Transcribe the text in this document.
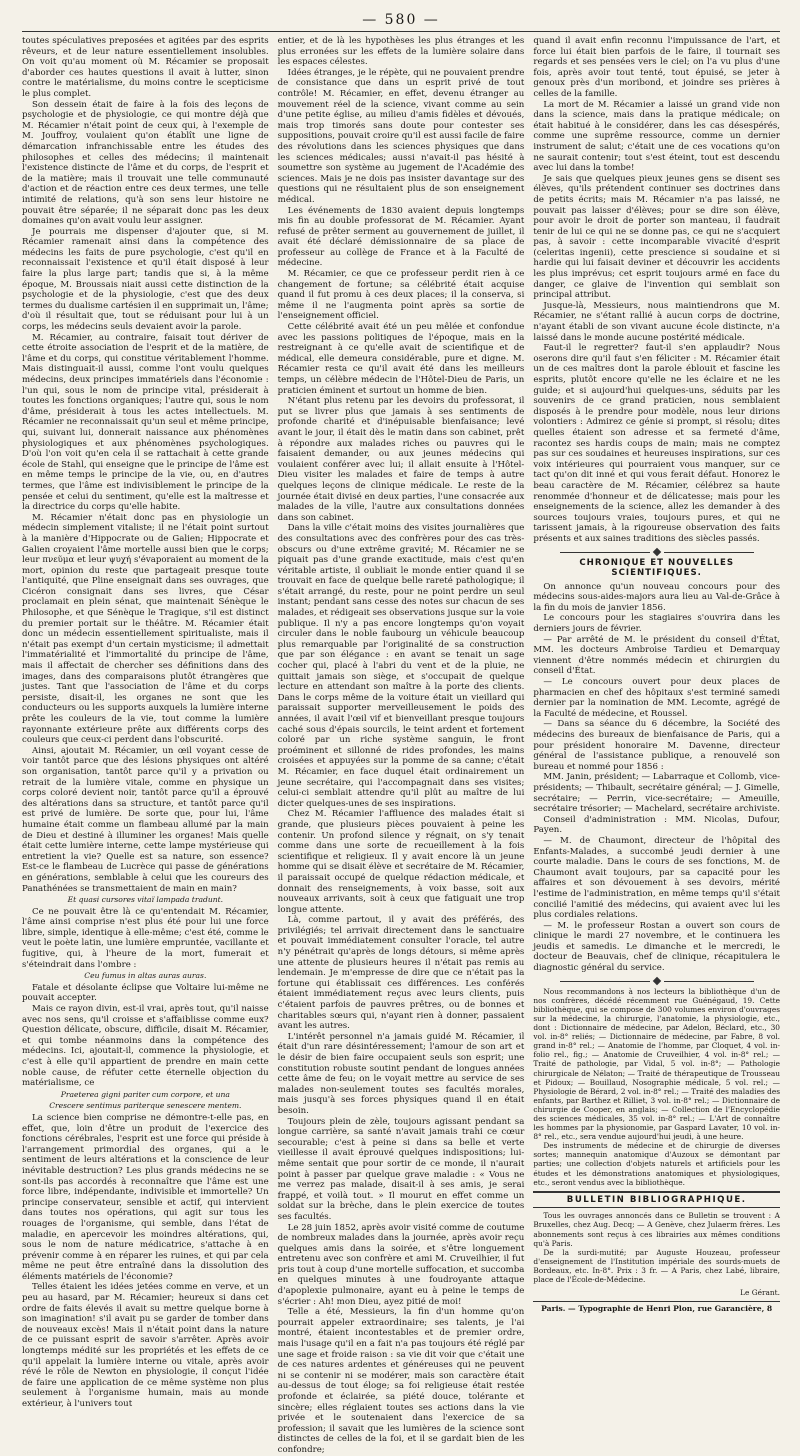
— 580 —

toutes spéculatives preposées et agitées par des esprits rêveurs, et de leur nature essentiellement insolubles. On voit qu'au moment où M. Récamier se proposait d'aborder ces hautes questions il avait à lutter, sinon contre le matérialisme, du moins contre le scepticisme le plus complet.

Son dessein était de faire à la fois des leçons de psychologie et de physiologie, ce qui montre déjà que M. Récamier n'était point de ceux qui, à l'exemple de M. Jouffroy, voulaient qu'on établît une ligne de démarcation infranchissable entre les études des philosophes et celles des médecins; il maintenait l'existence distincte de l'âme et du corps, de l'esprit et de la matière; mais il trouvait une telle communauté d'action et de réaction entre ces deux termes, une telle intimité de relations, qu'à son sens leur histoire ne pouvait être séparée; il ne séparait donc pas les deux domaines qu'on avait voulu leur assigner.

Je pourrais me dispenser d'ajouter que, si M. Récamier ramenait ainsi dans la compétence des médecins les faits de pure psychologie, c'est qu'il en reconnaissait l'existence et qu'il était disposé à leur faire la plus large part; tandis que si, à la même époque, M. Broussais niait aussi cette distinction de la psychologie et de la physiologie, c'est que des deux termes du dualisme cartésien il en supprimait un, l'âme; d'où il résultait que, tout se réduisant pour lui à un corps, les médecins seuls devaient avoir la parole.

M. Récamier, au contraire, faisait tout dériver de cette étroite association de l'esprit et de la matière, de l'âme et du corps, qui constitue véritablement l'homme. Mais distinguait-il aussi, comme l'ont voulu quelques médecins, deux principes immatériels dans l'économie : l'un qui, sous le nom de principe vital, présiderait à toutes les fonctions organiques; l'autre qui, sous le nom d'âme, présiderait à tous les actes intellectuels. M. Récamier ne reconnaissait qu'un seul et même principe, qui, suivant lui, donnerait naissance aux phénomènes physiologiques et aux phénomènes psychologiques. D'où l'on voit qu'en cela il se rattachait à cette grande école de Stahl, qui enseigne que le principe de l'âme est en même temps le principe de la vie, ou, en d'autres termes, que l'âme est indivisiblement le principe de la pensée et celui du sentiment, qu'elle est la maîtresse et la directrice du corps qu'elle habite.

M. Récamier n'était donc pas en physiologie un médecin simplement vitaliste; il ne l'était point surtout à la manière d'Hippocrate ou de Galien; Hippocrate et Galien croyaient l'âme mortelle aussi bien que le corps; leur πνεῦμα et leur ψυχή s'évaporaient au moment de la mort, opinion du reste que partageait presque toute l'antiquité, que Pline enseignait dans ses ouvrages, que Cicéron consignait dans ses livres, que César proclamait en plein sénat, que maintenait Sénèque le Philosophe, et que Sénèque le Tragique, s'il est distinct du premier portait sur le théâtre. M. Récamier était donc un médecin essentiellement spiritualiste, mais il n'était pas exempt d'un certain mysticisme; il admettait l'immatérialité et l'immortalité du principe de l'âme, mais il affectait de chercher ses définitions dans des images, dans des comparaisons plutôt étrangères que justes. Tant que l'association de l'âme et du corps persiste, disait-il, les organes ne sont que les conducteurs ou les supports auxquels la lumière interne prête les couleurs de la vie, tout comme la lumière rayonnante extérieure prête aux différents corps des couleurs que ceux-ci perdent dans l'obscurité.

Ainsi, ajoutait M. Récamier, un œil voyant cesse de voir tantôt parce que des lésions physiques ont altéré son organisation, tantôt parce qu'il y a privation ou retrait de la lumière vitale, comme en physique un corps coloré devient noir, tantôt parce qu'il a éprouvé des altérations dans sa structure, et tantôt parce qu'il est privé de lumière. De sorte que, pour lui, l'âme humaine était comme un flambeau allumé par la main de Dieu et destiné à illuminer les organes! Mais quelle était cette lumière interne, cette lampe mystérieuse qui entretient la vie? Quelle est sa nature, son essence? Est-ce le flambeau de Lucrèce qui passe de générations en générations, semblable à celui que les coureurs des Panathénées se transmettaient de main en main?

Et quasi cursores vitaï lampada tradunt.

Ce ne pouvait être là ce qu'entendait M. Récamier, l'âme ainsi comprise n'est plus été pour lui une force libre, simple, identique à elle-même; c'est été, comme le veut le poète latin, une lumière empruntée, vacillante et fugitive, qui, à l'heure de la mort, fumerait et s'éteindrait dans l'ombre :

Ceu fumus in altas auras auras.

Fatale et désolante éclipse que Voltaire lui-même ne pouvait accepter.

Mais ce rayon divin, est-il vrai, après tout, qu'il naisse avec nos sens, qu'il croisse et s'affaiblisse comme eux? Question délicate, obscure, difficile, disait M. Récamier, et qui tombe néanmoins dans la compétence des médecins. Ici, ajoutait-il, commence la physiologie, et c'est à elle qu'il appartient de prendre en main cette noble cause, de réfuter cette éternelle objection du matérialisme, ce

Praeterea gigni pariter cum corpore, et una

Crescere sentimus pariterque senescere mentem.

La science bien comprise ne démontre-t-elle pas, en effet, que, loin d'être un produit de l'exercice des fonctions cérébrales, l'esprit est une force qui préside à l'arrangement primordial des organes, qui a le sentiment de leurs altérations et la conscience de leur inévitable destruction? Les plus grands médecins ne se sont-ils pas accordés à reconnaître que l'âme est une force libre, indépendante, indivisible et immortelle? Un principe conservateur, sensible et actif, qui intervient dans toutes nos opérations, qui agit sur tous les rouages de l'organisme, qui semble, dans l'état de maladie, en apercevoir les moindres altérations, qui, sous le nom de nature médicatrice, s'attache à en prévenir comme à en réparer les ruines, et qui par cela même ne peut être entraîné dans la dissolution des éléments matériels de l'économie?

Telles étaient les idées jetées comme en verve, et un peu au hasard, par M. Récamier; heureux si dans cet ordre de faits élevés il avait su mettre quelque borne à son imagination! s'il avait pu se garder de tomber dans de nouveaux excès! Mais il n'était point dans la nature de ce puissant esprit de savoir s'arrêter. Après avoir longtemps médité sur les propriétés et les effets de ce qu'il appelait la lumière interne ou vitale, après avoir révé le rôle de Newton en physiologie, il conçut l'idée de faire une application de ce même système non plus seulement à l'organisme humain, mais au monde extérieur, à l'univers tout

entier, et de là les hypothèses les plus étranges et les plus erronées sur les effets de la lumière solaire dans les espaces célestes.

Idées étranges, je le répète, qui ne pouvaient prendre de consistance que dans un esprit privé de tout contrôle! M. Récamier, en effet, devenu étranger au mouvement réel de la science, vivant comme au sein d'une petite église, au milieu d'amis fidèles et dévoués, mais trop timorés sans doute pour contester ses suppositions, pouvait croire qu'il est aussi facile de faire des révolutions dans les sciences physiques que dans les sciences médicales; aussi n'avait-il pas hésité à soumettre son système au jugement de l'Académie des sciences. Mais je ne dois pas insister davantage sur des questions qui ne résultaient plus de son enseignement médical.

Les événements de 1830 avaient depuis longtemps mis fin au double professorat de M. Récamier. Ayant refusé de prêter serment au gouvernement de juillet, il avait été déclaré démissionnaire de sa place de professeur au collège de France et à la Faculté de médecine.

M. Récamier, ce que ce professeur perdit rien à ce changement de fortune; sa célébrité était acquise quand il fut promu à ces deux places; il la conserva, si même il ne l'augmenta point après sa sortie de l'enseignement officiel.

Cette célébrité avait été un peu mêlée et confondue avec les passions politiques de l'époque, mais en la restreignant à ce qu'elle avait de scientifique et de médical, elle demeura considérable, pure et digne. M. Récamier resta ce qu'il avait été dans les meilleurs temps, un célèbre médecin de l'Hôtel-Dieu de Paris, un praticien éminent et surtout un homme de bien.

N'étant plus retenu par les devoirs du professorat, il put se livrer plus que jamais à ses sentiments de profonde charité et d'inépuisable bienfaisance; levé avant le jour, il était dès le matin dans son cabinet, prêt à répondre aux malades riches ou pauvres qui le faisaient demander, ou aux jeunes médecins qui voulaient conférer avec lui; il allait ensuite à l'Hôtel-Dieu visiter les malades et faire de temps à autre quelques leçons de clinique médicale. Le reste de la journée était divisé en deux parties, l'une consacrée aux malades de la ville, l'autre aux consultations données dans son cabinet.

Dans la ville c'était moins des visites journalières que des consultations avec des confrères pour des cas très-obscurs ou d'une extrême gravité; M. Récamier ne se piquait pas d'une grande exactitude, mais c'est qu'en véritable artiste, il oubliait le monde entier quand il se trouvait en face de quelque belle rareté pathologique; il s'était arrangé, du reste, pour ne point perdre un seul instant; pendant sans cesse des notes sur chacun de ses malades, et rédigeait ses observations jusque sur la voie publique. Il n'y a pas encore longtemps qu'on voyait circuler dans le noble faubourg un véhicule beaucoup plus remarquable par l'originalité de sa construction que par son élégance : en avant se tenait un sage cocher qui, placé à l'abri du vent et de la pluie, ne quittait jamais son siège, et s'occupait de quelque lecture en attendant son maître à la porte des clients. Dans le corps même de la voiture était un vieillard qui paraissait supporter merveilleusement le poids des années, il avait l'œil vif et bienveillant presque toujours caché sous d'épais sourcils, le teint ardent et fortement coloré par un riche système sanguin, le front proéminent et sillonné de rides profondes, les mains croisées et appuyées sur la pomme de sa canne; c'était M. Récamier, en face duquel était ordinairement un jeune secrétaire, qui l'accompagnait dans ses visites; celui-ci semblait attendre qu'il plût au maître de lui dicter quelques-unes de ses inspirations.

Chez M. Récamier l'affluence des malades était si grande, que plusieurs pièces pouvaient à peine les contenir. Un profond silence y régnait, on s'y tenait comme dans une sorte de recueillement à la fois scientifique et religieux. Il y avait encore là un jeune homme qui se disait élève et secrétaire de M. Récamier, il paraissait occupé de quelque rédaction médicale, et donnait des renseignements, à voix basse, soit aux nouveaux arrivants, soit à ceux que fatiguait une trop longue attente.

Là, comme partout, il y avait des préférés, des privilégiés; tel arrivait directement dans le sanctuaire et pouvait immédiatement consulter l'oracle, tel autre n'y pénétrait qu'après de longs détours, si même après une attente de plusieurs heures il n'était pas remis au lendemain. Je m'empresse de dire que ce n'était pas la fortune qui établissait ces différences. Les conférés étaient immédiatement reçus avec leurs clients, puis c'étaient parfois de pauvres prêtres, ou de bonnes et charitables sœurs qui, n'ayant rien à donner, passaient avant les autres.

L'intérêt personnel n'a jamais guidé M. Récamier, il était d'un rare désintéressement; l'amour de son art et le désir de bien faire occupaient seuls son esprit; une constitution robuste soutint pendant de longues années cette âme de feu; on le voyait mettre au service de ses malades non-seulement toutes ses facultés morales, mais jusqu'à ses forces physiques quand il en était besoin.

Toujours plein de zèle, toujours agissant pendant sa longue carrière, sa santé n'avait jamais trahi ce cœur secourable; c'est à peine si dans sa belle et verte vieillesse il avait éprouvé quelques indispositions; lui-même sentait que pour sortir de ce monde, il n'aurait point à passer par quelque grave maladie : « Vous ne me verrez pas malade, disait-il à ses amis, je serai frappé, et voilà tout. » Il mourut en effet comme un soldat sur la brèche, dans le plein exercice de toutes ses facultés.

Le 28 juin 1852, après avoir visité comme de coutume de nombreux malades dans la journée, après avoir reçu quelques amis dans la soirée, et s'être longuement entretenu avec son confrère et ami M. Cruveilhier, il fut pris tout à coup d'une mortelle suffocation, et succomba en quelques minutes à une foudroyante attaque d'apoplexie pulmonaire, ayant eu à peine le temps de s'écrier : Ah! mon Dieu, ayez pitié de moi!

Telle a été, Messieurs, la fin d'un homme qu'on pourrait appeler extraordinaire; ses talents, je l'ai montré, étaient incontestables et de premier ordre, mais l'usage qu'il en a fait n'a pas toujours été réglé par une sage et froide raison : sa vie dit voir que c'était une de ces natures ardentes et généreuses qui ne peuvent ni se contenir ni se modérer, mais son caractère était au-dessus de tout éloge; sa foi religieuse était restée profonde et éclairée, sa piété douce, tolérante et sincère; elles réglaient toutes ses actions dans la vie privée et le soutenaient dans l'exercice de sa profession; il savait que les lumières de la science sont distinctes de celles de la foi, et il se gardait bien de les confondre;

quand il avait enfin reconnu l'impuissance de l'art, et force lui était bien parfois de le faire, il tournait ses regards et ses pensées vers le ciel; on l'a vu plus d'une fois, après avoir tout tenté, tout épuisé, se jeter à genoux près d'un moribond, et joindre ses prières à celles de la famille.

La mort de M. Récamier a laissé un grand vide non dans la science, mais dans la pratique médicale; on était habitué à le considérer, dans les cas désespérés, comme une suprême ressource, comme un dernier instrument de salut; c'était une de ces vocations qu'on ne saurait contenir; tout s'est éteint, tout est descendu avec lui dans la tombe!

Je sais que quelques pieux jeunes gens se disent ses élèves, qu'ils prétendent continuer ses doctrines dans de petits écrits; mais M. Récamier n'a pas laissé, ne pouvait pas laisser d'élèves; pour se dire son élève, pour avoir le droit de porter son manteau, il faudrait tenir de lui ce qui ne se donne pas, ce qui ne s'acquiert pas, à savoir : cette incomparable vivacité d'esprit (celeritas ingenii), cette prescience si soudaine et si hardie qui lui faisait deviner et découvrir les accidents les plus imprévus; cet esprit toujours armé en face du danger, ce glaive de l'invention qui semblait son principal attribut.

Jusque-là, Messieurs, nous maintiendrons que M. Récamier, ne s'étant rallié à aucun corps de doctrine, n'ayant établi de son vivant aucune école distincte, n'a laissé dans le monde aucune postérité médicale.

Faut-il le regretter? faut-il s'en applaudir? Nous oserons dire qu'il faut s'en féliciter : M. Récamier était un de ces maîtres dont la parole éblouit et fascine les esprits, plutôt encore qu'elle ne les éclaire et ne les guide; et si aujourd'hui quelques-uns, séduits par les souvenirs de ce grand praticien, nous semblaient disposés à le prendre pour modèle, nous leur dirions volontiers : Admirez ce génie si prompt, si résolu; dites quelles étaient son adresse et sa fermeté d'âme, racontez ses hardis coups de main; mais ne comptez pas sur ces soudaines et heureuses inspirations, sur ces voix intérieures qui pourraient vous manquer, sur ce tact qu'on dit inné et qui vous ferait défaut. Honorez le beau caractère de M. Récamier, célébrez sa haute renommée d'honneur et de délicatesse; mais pour les enseignements de la science, allez les demander à des sources toujours vraies, toujours pures, et qui ne tarissent jamais, à la rigoureuse observation des faits présents et aux saines traditions des siècles passés.

CHRONIQUE ET NOUVELLES SCIENTIFIQUES.

On annonce qu'un nouveau concours pour des médecins sous-aides-majors aura lieu au Val-de-Grâce à la fin du mois de janvier 1856.

Le concours pour les stagiaires s'ouvrira dans les derniers jours de février.

— Par arrêté de M. le président du conseil d'État, MM. les docteurs Ambroise Tardieu et Demarquay viennent d'être nommés médecin et chirurgien du conseil d'État.

— Le concours ouvert pour deux places de pharmacien en chef des hôpitaux s'est terminé samedi dernier par la nomination de MM. Lecomte, agrégé de la Faculté de médecine, et Roussel.

— Dans sa séance du 6 décembre, la Société des médecins des bureaux de bienfaisance de Paris, qui a pour président honoraire M. Davenne, directeur général de l'assistance publique, a renouvelé son bureau et nommé pour 1856 :

MM. Janin, président; — Labarraque et Collomb, vice-présidents; — Thibault, secrétaire général; — J. Gimelle, secrétaire; — Perrin, vice-secrétaire; — Ameuille, secrétaire trésorier; — Machelard, secrétaire archiviste.

Conseil d'administration : MM. Nicolas, Dufour, Payen.

— M. de Chaumont, directeur de l'hôpital des Enfants-Malades, a succombé jeudi dernier à une courte maladie. Dans le cours de ses fonctions, M. de Chaumont avait toujours, par sa capacité pour les affaires et son dévouement à ses devoirs, mérité l'estime de l'administration, en même temps qu'il s'était concilié l'amitié des médecins, qui avaient avec lui les plus cordiales relations.

— M. le professeur Rostan a ouvert son cours de clinique le mardi 27 novembre, et le continuera les jeudis et samedis. Le dimanche et le mercredi, le docteur de Beauvais, chef de clinique, récapitulera le diagnostic général du service.

Nous recommandons à nos lecteurs la bibliothèque d'un de nos confrères, décédé récemment rue Guénégaud, 19. Cette bibliothèque, qui se compose de 300 volumes environ d'ouvrages sur la médecine, la chirurgie, l'anatomie, la physiologie, etc., dont : Dictionnaire de médecine, par Adelon, Béclard, etc., 30 vol. in-8° reliés; — Dictionnaire de médecine, par Fabre, 8 vol. grand in-8° rel.; — Anatomie de l'homme, par Cloquet, 4 vol. in-folio rel., fig.; — Anatomie de Cruveilhier, 4 vol. in-8° rel.; — Traité de pathologie, par Vidal, 5 vol. in-8°; — Pathologie chirurgicale de Nélaton; — Traité de thérapeutique de Trousseau et Pidoux; — Bouillaud, Nosographie médicale, 5 vol. rel.; — Physiologie de Bérard, 2 vol. in-8° rel.; — Traité des maladies des enfants, par Barthez et Rilliet, 3 vol. in-8° rel.; — Dictionnaire de chirurgie de Cooper, en anglais; — Collection de l'Encyclopédie des sciences médicales, 35 vol. in-8° rel.; — L'Art de connaître les hommes par la physionomie, par Gaspard Lavater, 10 vol. in-8° rel., etc., sera vendue aujourd'hui jeudi, à une heure.

Des instruments de médecine et de chirurgie de diverses sortes; mannequin anatomique d'Auzoux se démontant par parties; une collection d'objets naturels et artificiels pour les études et les démonstrations anatomiques et physiologiques, etc., seront vendus avec la bibliothèque.

BULLETIN BIBLIOGRAPHIQUE.

Tous les ouvrages annoncés dans ce Bulletin se trouvent : A Bruxelles, chez Aug. Decq; — A Genève, chez Julaerm frères. Les abonnements sont reçus à ces librairies aux mêmes conditions qu'à Paris.

De la surdi-mutité; par Auguste Houzeau, professeur d'enseignement de l'Institution impériale des sourds-muets de Bordeaux, etc. In-8°. Prix : 3 fr. — A Paris, chez Labé, libraire, place de l'École-de-Médecine.

Le Gérant.
Paris. — Typographie de Henri Plon, rue Garancière, 8
